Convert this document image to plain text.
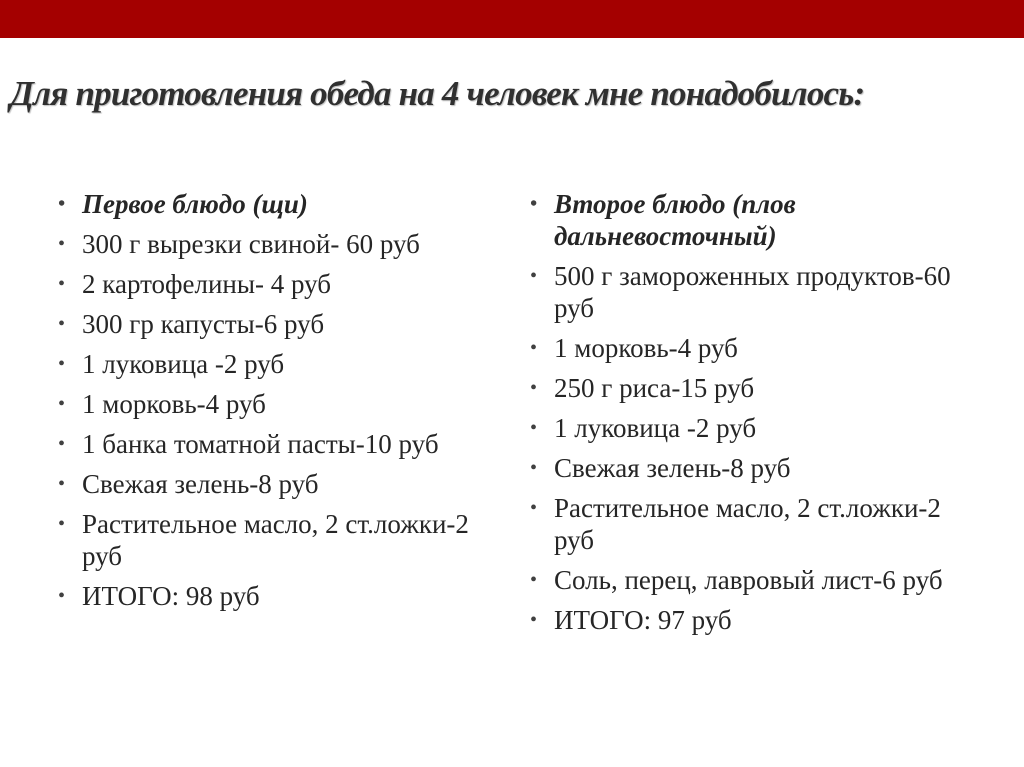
Для приготовления обеда на 4 человек мне понадобилось:
• Первое блюдо (щи)
• 300 г вырезки свиной- 60 руб
• 2 картофелины- 4 руб
• 300 гр капусты-6 руб
• 1 луковица -2 руб
• 1 морковь-4 руб
• 1 банка томатной пасты-10 руб
• Свежая зелень-8 руб
• Растительное масло, 2 ст.ложки-2 руб
• ИТОГО: 98 руб
• Второе блюдо (плов дальневосточный)
• 500 г замороженных продуктов-60 руб
• 1 морковь-4 руб
• 250 г риса-15 руб
• 1 луковица -2 руб
• Свежая зелень-8 руб
• Растительное масло, 2 ст.ложки-2 руб
• Соль, перец, лавровый лист-6 руб
• ИТОГО: 97 руб
